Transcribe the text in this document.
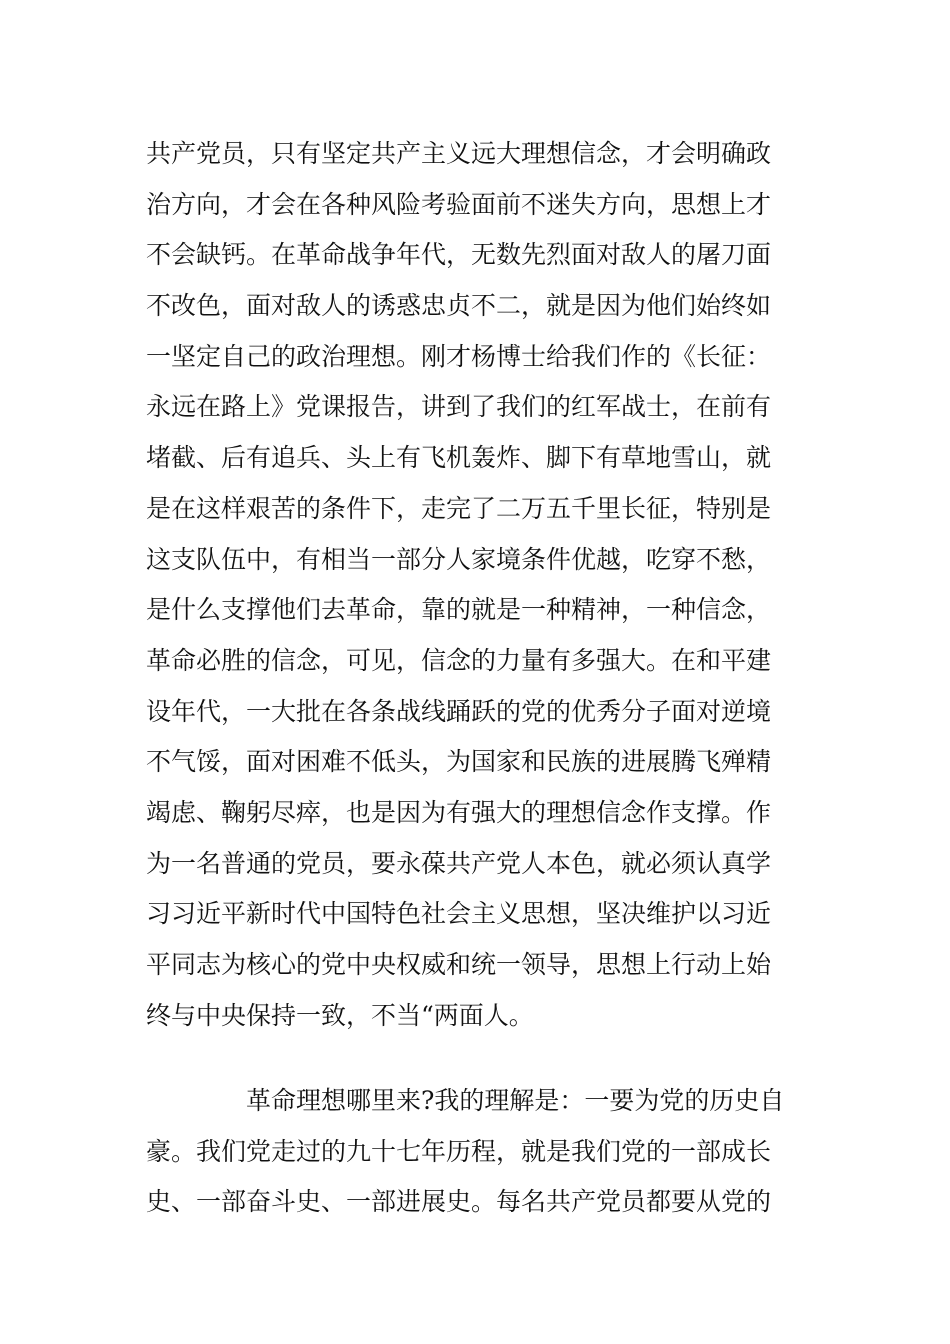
共产党员，只有坚定共产主义远大理想信念，才会明确政
治方向，才会在各种风险考验面前不迷失方向，思想上才
不会缺钙。在革命战争年代，无数先烈面对敌人的屠刀面
不改色，面对敌人的诱惑忠贞不二，就是因为他们始终如
一坚定自己的政治理想。刚才杨博士给我们作的《长征：
永远在路上》党课报告，讲到了我们的红军战士，在前有
堵截、后有追兵、头上有飞机轰炸、脚下有草地雪山，就
是在这样艰苦的条件下，走完了二万五千里长征，特别是
这支队伍中，有相当一部分人家境条件优越，吃穿不愁，
是什么支撑他们去革命，靠的就是一种精神，一种信念，
革命必胜的信念，可见，信念的力量有多强大。在和平建
设年代，一大批在各条战线踊跃的党的优秀分子面对逆境
不气馁，面对困难不低头，为国家和民族的进展腾飞殚精
竭虑、鞠躬尽瘁，也是因为有强大的理想信念作支撑。作
为一名普通的党员，要永葆共产党人本色，就必须认真学
习习近平新时代中国特色社会主义思想，坚决维护以习近
平同志为核心的党中央权威和统一领导，思想上行动上始
终与中央保持一致，不当“两面人。
革命理想哪里来?我的理解是：一要为党的历史自
豪。我们党走过的九十七年历程，就是我们党的一部成长
史、一部奋斗史、一部进展史。每名共产党员都要从党的
